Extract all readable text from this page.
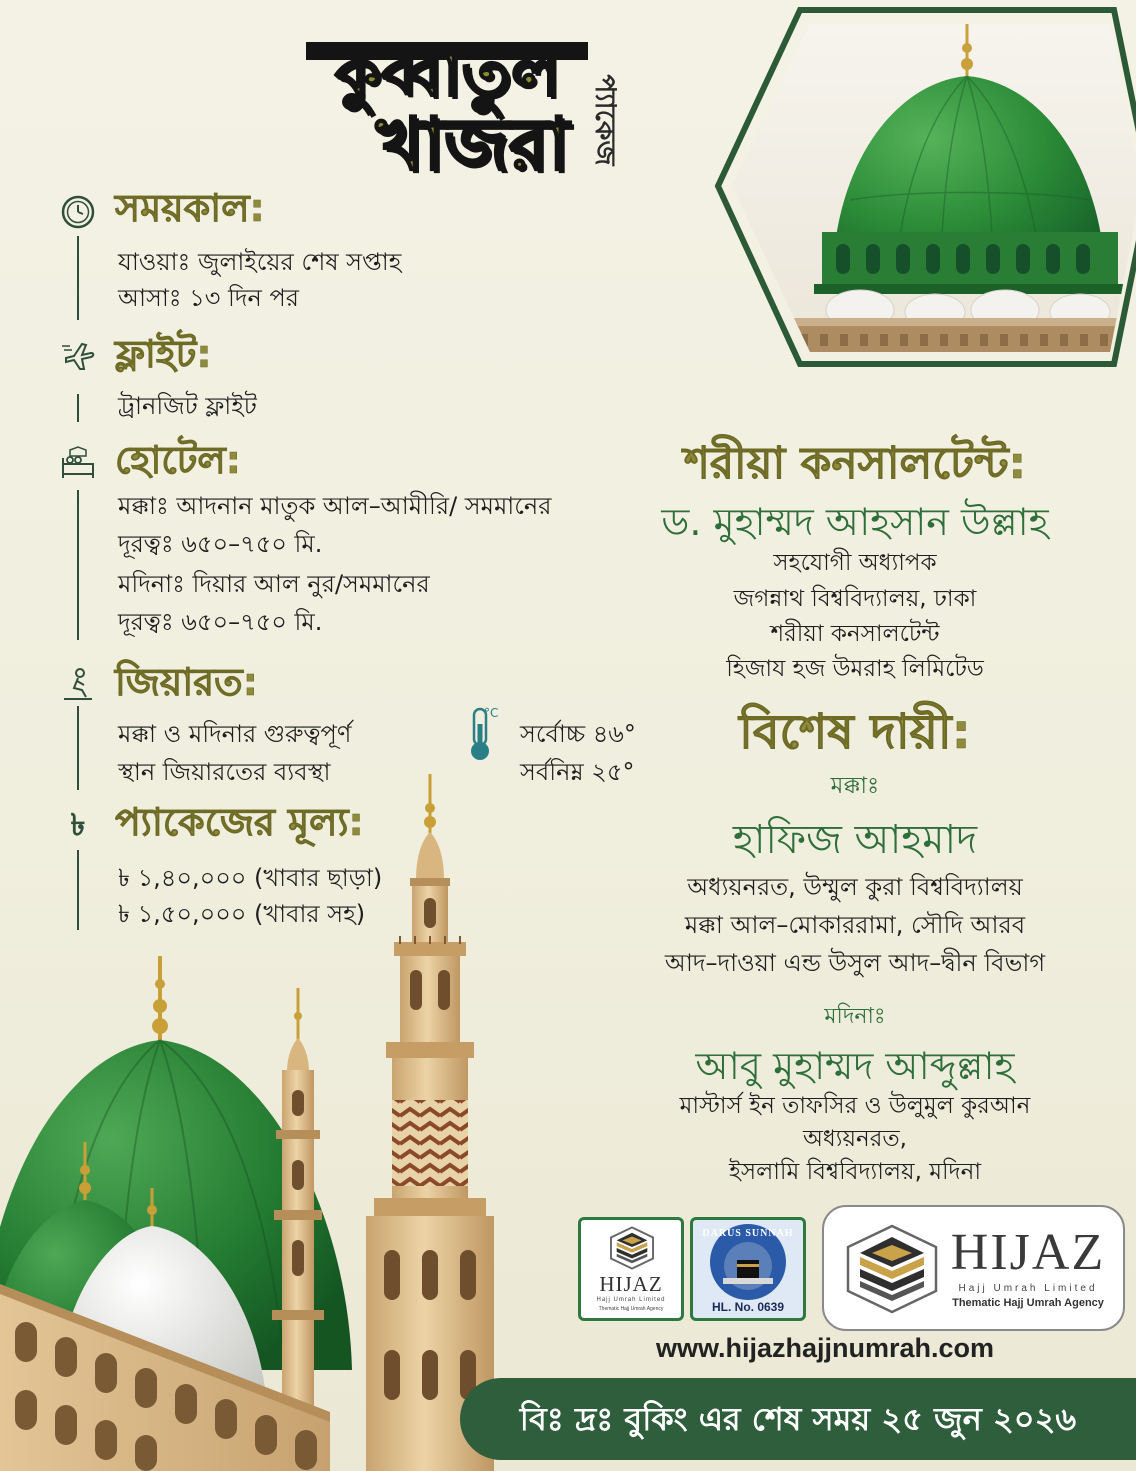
কুব্বাতুল
খাজরা প্যাকেজ
সময়কাল:
যাওয়াঃ জুলাইয়ের শেষ সপ্তাহ
আসাঃ ১৩ দিন পর
ফ্লাইট:
ট্রানজিট ফ্লাইট
হোটেল:
মক্কাঃ আদনান মাতুক আল–আমীরি/ সমমানের
দূরত্বঃ ৬৫০–৭৫০ মি.
মদিনাঃ দিয়ার আল নুর/সমমানের
দূরত্বঃ ৬৫০–৭৫০ মি.
জিয়ারত:
মক্কা ও মদিনার গুরুত্বপূর্ণ
স্থান জিয়ারতের ব্যবস্থা
°C
সর্বোচ্চ ৪৬°
সর্বনিম্ন ২৫°
৳ প্যাকেজের মূল্য:
৳ ১,৪০,০০০ (খাবার ছাড়া)
৳ ১,৫০,০০০ (খাবার সহ)
শরীয়া কনসালটেন্ট:
ড. মুহাম্মদ আহসান উল্লাহ
সহযোগী অধ্যাপক
জগন্নাথ বিশ্ববিদ্যালয়, ঢাকা
শরীয়া কনসালটেন্ট
হিজায হজ উমরাহ লিমিটেড
বিশেষ দায়ী:
মক্কাঃ
হাফিজ আহমাদ
অধ্যয়নরত, উম্মুল কুরা বিশ্ববিদ্যালয়
মক্কা আল–মোকাররামা, সৌদি আরব
আদ–দাওয়া এন্ড উসুল আদ–দ্বীন বিভাগ
মদিনাঃ
আবু মুহাম্মদ আব্দুল্লাহ
মাস্টার্স ইন তাফসির ও উলুমুল কুরআন
অধ্যয়নরত,
ইসলামি বিশ্ববিদ্যালয়, মদিনা
HIJAZ
Hajj Umrah Limited
Thematic Hajj Umrah Agency
DARUS SUNNAH
HL. No. 0639
HIJAZ
Hajj Umrah Limited
Thematic Hajj Umrah Agency
www.hijazhajjnumrah.com
বিঃ দ্রঃ বুকিং এর শেষ সময় ২৫ জুন ২০২৬
